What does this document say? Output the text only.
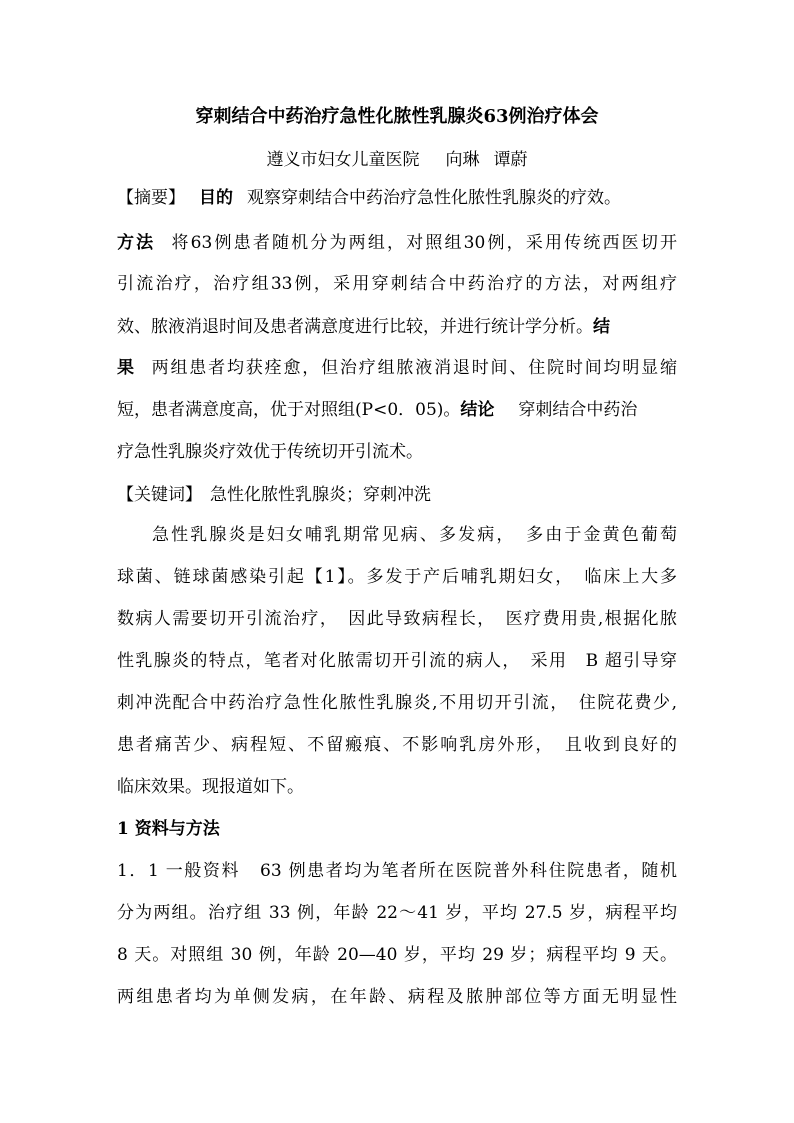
穿刺结合中药治疗急性化脓性乳腺炎63例治疗体会
遵义市妇女儿童医院 向琳 谭蔚
【摘要】 目的 观察穿刺结合中药治疗急性化脓性乳腺炎的疗效。
方法 将63例患者随机分为两组，对照组30例，采用传统西医切开
引流治疗，治疗组33例，采用穿刺结合中药治疗的方法，对两组疗
效、脓液消退时间及患者满意度进行比较，并进行统计学分析。结
果 两组患者均获痊愈，但治疗组脓液消退时间、住院时间均明显缩
短，患者满意度高，优于对照组(P<0．05)。结论 穿刺结合中药治
疗急性乳腺炎疗效优于传统切开引流术。
【关键词】 急性化脓性乳腺炎；穿刺冲洗
急性乳腺炎是妇女哺乳期常见病、多发病，　多由于金黄色葡萄
球菌、链球菌感染引起【1】。多发于产后哺乳期妇女，　临床上大多
数病人需要切开引流治疗，　因此导致病程长，　医疗费用贵,根据化脓
性乳腺炎的特点，笔者对化脓需切开引流的病人，　采用　B 超引导穿
刺冲洗配合中药治疗急性化脓性乳腺炎,不用切开引流，　住院花费少,
患者痛苦少、病程短、不留瘢痕、不影响乳房外形，　且收到良好的
临床效果。现报道如下。
1 资料与方法
1．1 一般资料 63 例患者均为笔者所在医院普外科住院患者，随机
分为两组。治疗组 33 例，年龄 22～41 岁，平均 27.5 岁，病程平均
8 天。对照组 30 例，年龄 20—40 岁，平均 29 岁；病程平均 9 天。
两组患者均为单侧发病，在年龄、病程及脓肿部位等方面无明显性
